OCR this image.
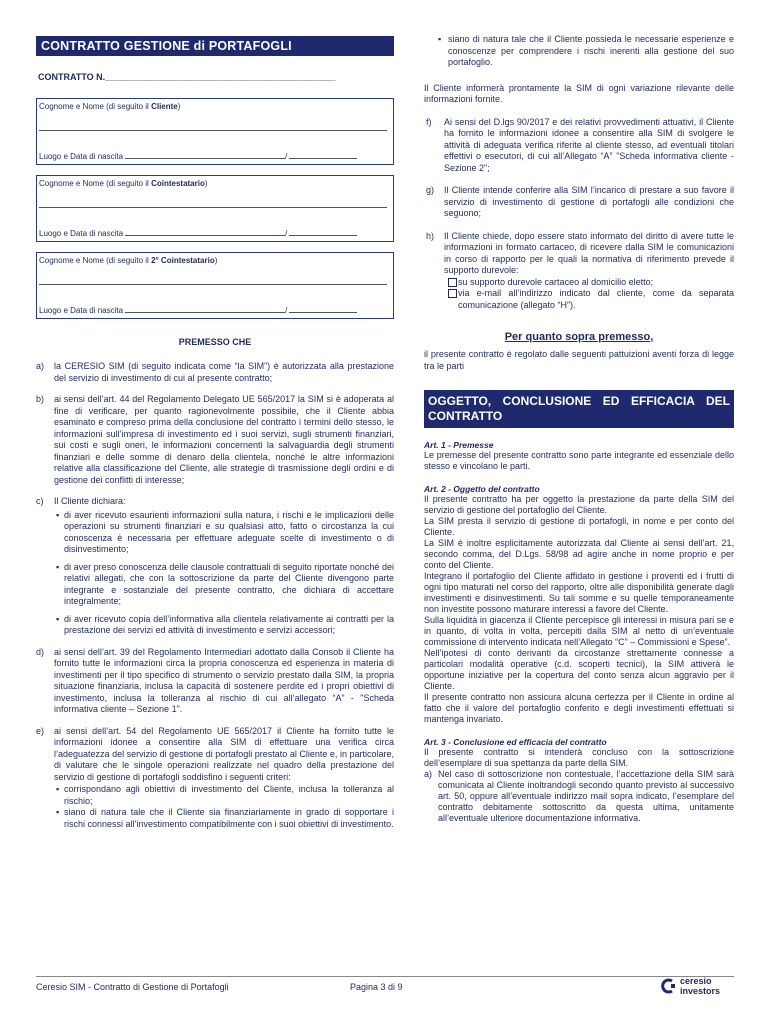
CONTRATTO GESTIONE di PORTAFOGLI
CONTRATTO N.______________________________________________
Cognome e Nome (di seguito il Cliente)
Luogo e Data di nascita	/
Cognome e Nome (di seguito il Cointestatario)
Luogo e Data di nascita	/
Cognome e Nome (di seguito il 2° Cointestatario)
Luogo e Data di nascita	/
PREMESSO CHE
a) la CERESIO SIM (di seguito indicata come “la SIM”) è autorizzata alla prestazione del servizio di investimento di cui al presente contratto;
b) ai sensi dell’art. 44 del Regolamento Delegato UE 565/2017 la SIM si è adoperata al fine di verificare, per quanto ragionevolmente possibile, che il Cliente abbia esaminato e compreso prima della conclusione del contratto i termini dello stesso, le informazioni sull’impresa di investimento ed i suoi servizi, sugli strumenti finanziari, sui costi e sugli oneri, le informazioni concernenti la salvaguardia degli strumenti finanziari e delle somme di denaro della clientela, nonché le altre informazioni relative alla classificazione del Cliente, alle strategie di trasmissione degli ordini e di gestione dei conflitti di interesse;
c) Il Cliente dichiara:
▪ di aver ricevuto esaurienti informazioni sulla natura, i rischi e le implicazioni delle operazioni su strumenti finanziari e su qualsiasi atto, fatto o circostanza la cui conoscenza è necessaria per effettuare adeguate scelte di investimento o di disinvestimento;
▪ di aver preso conoscenza delle clausole contrattuali di seguito riportate nonché dei relativi allegati, che con la sottoscrizione da parte del Cliente divengono parte integrante e sostanziale del presente contratto, che dichiara di accettare integralmente;
▪ di aver ricevuto copia dell’informativa alla clientela relativamente ai contratti per la prestazione dei servizi ed attività di investimento e servizi accessori;
d) ai sensi dell’art. 39 del Regolamento Intermediari adottato dalla Consob il Cliente ha fornito tutte le informazioni circa la propria conoscenza ed esperienza in materia di investimenti per il tipo specifico di strumento o servizio prestato dalla SIM, la propria situazione finanziaria, inclusa la capacità di sostenere perdite ed i propri obiettivi di investimento, inclusa la tolleranza al rischio di cui all’allegato “A” - "Scheda informativa cliente – Sezione 1".
e) ai sensi dell’art. 54 del Regolamento UE 565/2017 il Cliente ha fornito tutte le informazioni idonee a consentire alla SIM di effettuare una verifica circa l’adeguatezza del servizio di gestione di portafogli prestato al Cliente e, in particolare, di valutare che le singole operazioni realizzate nel quadro della prestazione del servizio di gestione di portafogli soddisfino i seguenti criteri:
▪ corrispondano agli obiettivi di investimento del Cliente, inclusa la tolleranza al rischio;
▪ siano di natura tale che il Cliente sia finanziariamente in grado di sopportare i rischi connessi all’investimento compatibilmente con i suoi obiettivi di investimento.
▪ siano di natura tale che il Cliente possieda le necessarie esperienze e conoscenze per comprendere i rischi inerenti alla gestione del suo portafoglio.
Il Cliente informerà prontamente la SIM di ogni variazione rilevante delle informazioni fornite.
f) Ai sensi del D.lgs 90/2017 e dei relativi provvedimenti attuativi, il Cliente ha fornito le informazioni idonee a consentire alla SIM di svolgere le attività di adeguata verifica riferite al cliente stesso, ad eventuali titolari effettivi o esecutori, di cui all’Allegato “A” "Scheda informativa cliente - Sezione 2";
g) Il Cliente intende conferire alla SIM l’incarico di prestare a suo favore il servizio di investimento di gestione di portafogli alle condizioni che seguono;
h) Il Cliente chiede, dopo essere stato informato del diritto di avere tutte le informazioni in formato cartaceo, di ricevere dalla SIM le comunicazioni in corso di rapporto per le quali la normativa di riferimento prevede il supporto durevole:
su supporto durevole cartaceo al domicilio eletto;
via e-mail all’indirizzo indicato dal cliente, come da separata comunicazione (allegato “H”).
Per quanto sopra premesso,
il presente contratto è regolato dalle seguenti pattuizioni aventi forza di legge tra le parti
OGGETTO, CONCLUSIONE ED EFFICACIA DEL CONTRATTO
Art. 1 - Premesse
Le premesse del presente contratto sono parte integrante ed essenziale dello stesso e vincolano le parti.
Art. 2 - Oggetto del contratto
Il presente contratto ha per oggetto la prestazione da parte della SIM del servizio di gestione del portafoglio del Cliente.
La SIM presta il servizio di gestione di portafogli, in nome e per conto del Cliente.
La SIM è inoltre esplicitamente autorizzata dal Cliente ai sensi dell’art. 21, secondo comma, del D.Lgs. 58/98 ad agire anche in nome proprio e per conto del Cliente.
Integrano il portafoglio del Cliente affidato in gestione i proventi ed i frutti di ogni tipo maturati nel corso del rapporto, oltre alle disponibilità generate dagli investimenti e disinvestimenti. Su tali somme e su quelle temporaneamente non investite possono maturare interessi a favore del Cliente.
Sulla liquidità in giacenza il Cliente percepisce gli interessi in misura pari se e in quanto, di volta in volta, percepiti dalla SIM al netto di un’eventuale commissione di intervento indicata nell’Allegato “C” – Commissioni e Spese”.
Nell’ipotesi di conto derivanti da circostanze strettamente connesse a particolari modalità operative (c.d. scoperti tecnici), la SIM attiverà le opportune iniziative per la copertura del conto senza alcun aggravio per il Cliente.
Il presente contratto non assicura alcuna certezza per il Cliente in ordine al fatto che il valore del portafoglio conferito e degli investimenti effettuati si mantenga invariato.
Art. 3 - Conclusione ed efficacia del contratto
Il presente contratto si intenderà concluso con la sottoscrizione dell’esemplare di sua spettanza da parte della SIM.
a) Nel caso di sottoscrizione non contestuale, l’accettazione della SIM sarà comunicata al Cliente inoltrandogli secondo quanto previsto al successivo art. 50, oppure all’eventuale indirizzo mail sopra indicato, l’esemplare del contratto debitamente sottoscritto da questa ultima, unitamente all’eventuale ulteriore documentazione informativa.
Ceresio SIM - Contratto di Gestione di Portafogli	Pagina 3 di 9
ceresio
investors
